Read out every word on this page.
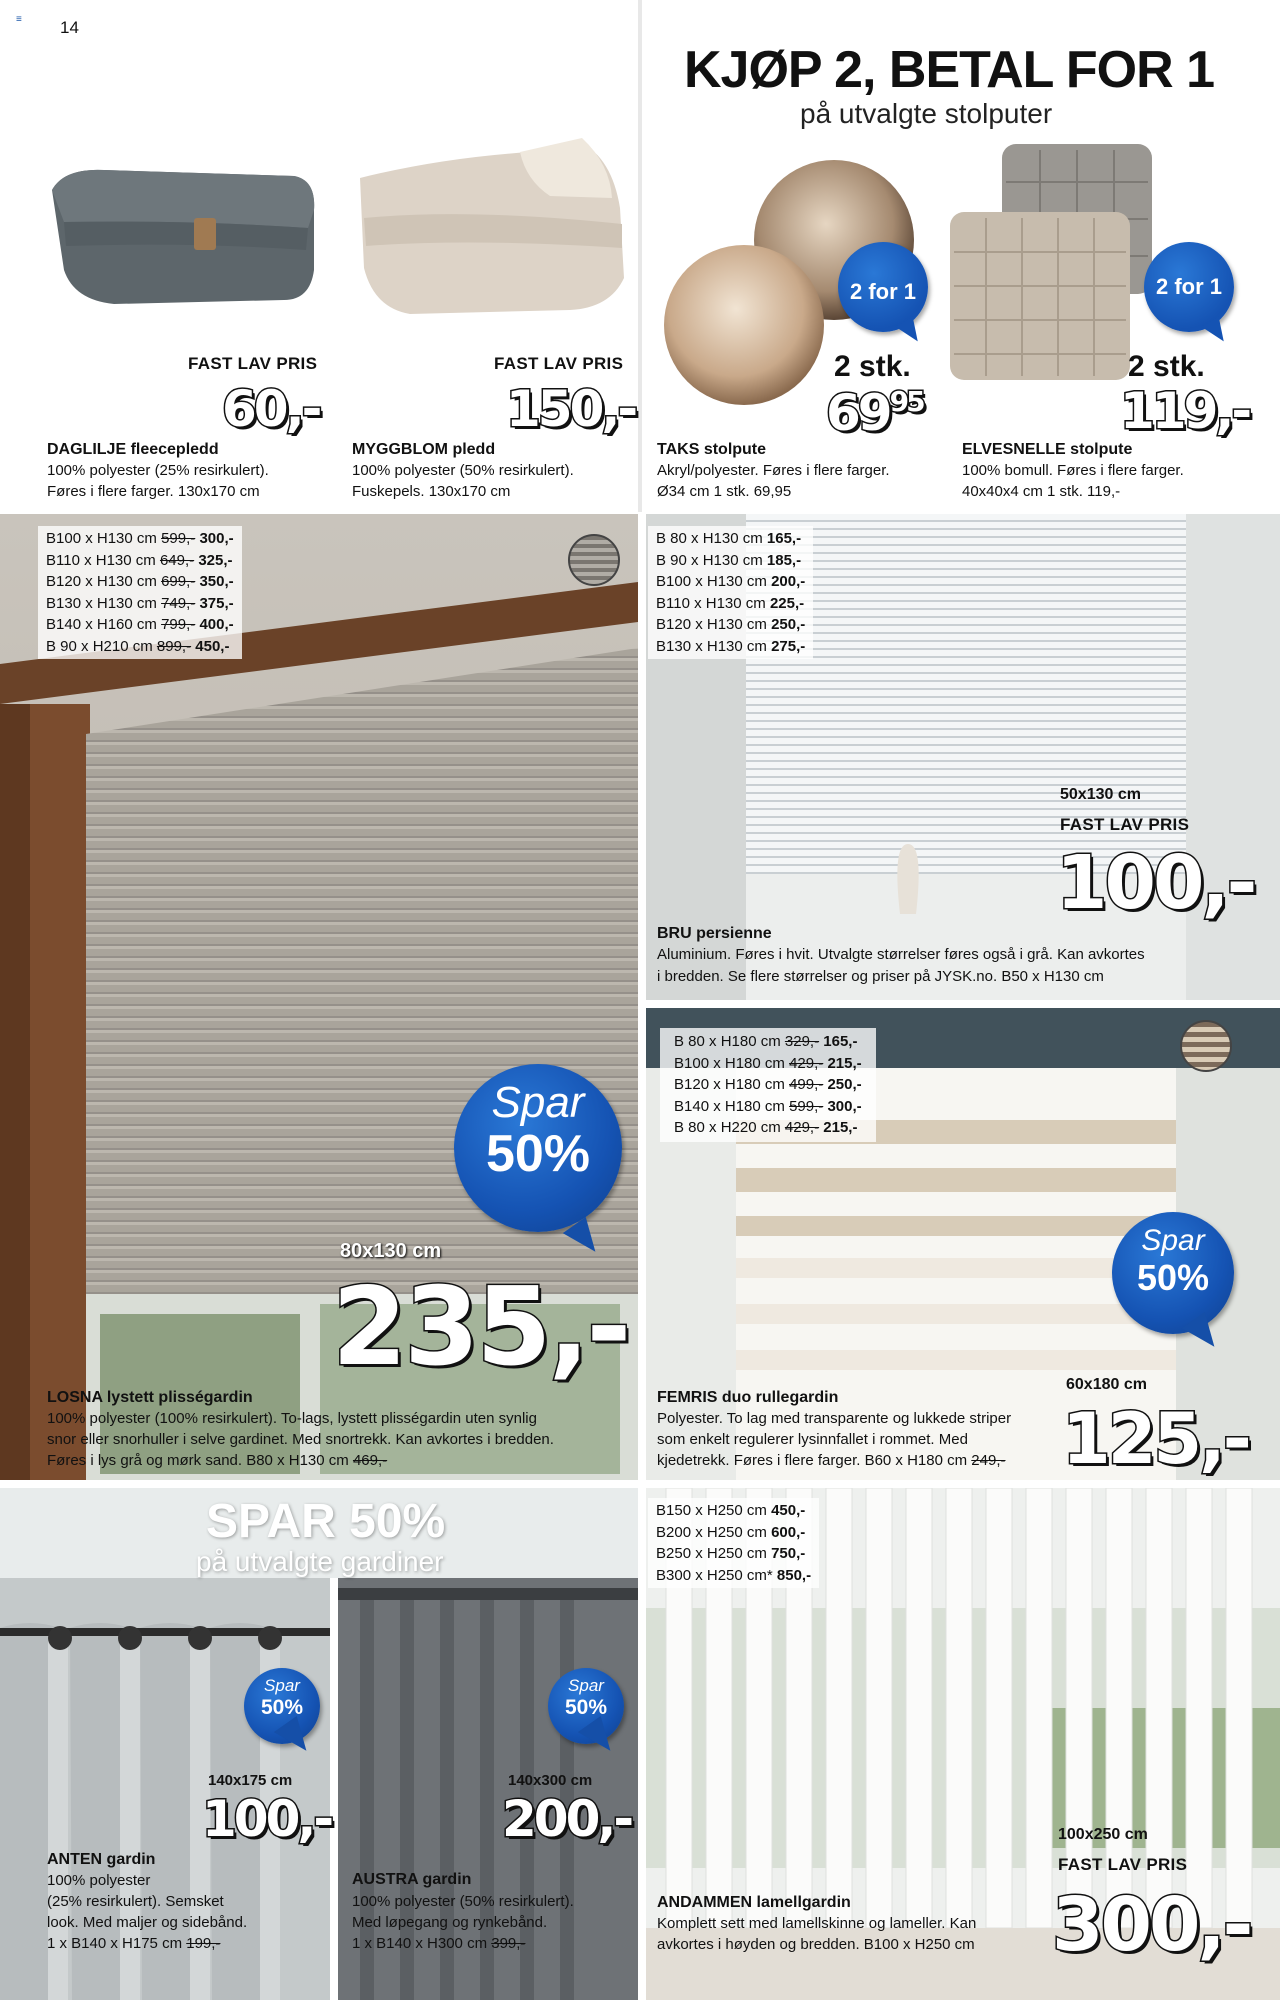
≡ 14
FAST LAV PRIS
60,-
DAGLILJE fleecepledd
100% polyester (25% resirkulert).
Føres i flere farger. 130x170 cm
FAST LAV PRIS
150,-
MYGGBLOM pledd
100% polyester (50% resirkulert).
Fuskepels. 130x170 cm
KJØP 2, BETAL FOR 1
på utvalgte stolputer
2 for 1
2 stk.
$69^{95}$
TAKS stolpute
Akryl/polyester. Føres i flere farger.
Ø34 cm 1 stk. 69,95
2 for 1
2 stk.
119,-
ELVESNELLE stolpute
100% bomull. Føres i flere farger.
40x40x4 cm 1 stk. 119,-
B100 x H130 cm 599,- 300,-
B110 x H130 cm 649,- 325,-
B120 x H130 cm 699,- 350,-
B130 x H130 cm 749,- 375,-
B140 x H160 cm 799,- 400,-
B 90 x H210 cm 899,- 450,-
Spar
50%
80x130 cm
235,-
LOSNA lystett plisségardin
100% polyester (100% resirkulert). To-lags, lystett plisségardin uten synlig
snor eller snorhuller i selve gardinet. Med snortrekk. Kan avkortes i bredden.
Føres i lys grå og mørk sand. B80 x H130 cm 469,-
B 80 x H130 cm 165,-
B 90 x H130 cm 185,-
B100 x H130 cm 200,-
B110 x H130 cm 225,-
B120 x H130 cm 250,-
B130 x H130 cm 275,-
50x130 cm
FAST LAV PRIS
100,-
BRU persienne
Aluminium. Føres i hvit. Utvalgte størrelser føres også i grå. Kan avkortes
i bredden. Se flere størrelser og priser på JYSK.no. B50 x H130 cm
B 80 x H180 cm 329,- 165,-
B100 x H180 cm 429,- 215,-
B120 x H180 cm 499,- 250,-
B140 x H180 cm 599,- 300,-
B 80 x H220 cm 429,- 215,-
Spar
50%
60x180 cm
125,-
FEMRIS duo rullegardin
Polyester. To lag med transparente og lukkede striper
som enkelt regulerer lysinnfallet i rommet. Med
kjedetrekk. Føres i flere farger. B60 x H180 cm 249,-
SPAR 50%
på utvalgte gardiner
Spar
50%
140x175 cm
100,-
ANTEN gardin
100% polyester
(25% resirkulert). Semsket
look. Med maljer og sidebånd.
1 x B140 x H175 cm 199,-
Spar
50%
140x300 cm
200,-
AUSTRA gardin
100% polyester (50% resirkulert).
Med løpegang og rynkebånd.
1 x B140 x H300 cm 399,-
B150 x H250 cm 450,-
B200 x H250 cm 600,-
B250 x H250 cm 750,-
B300 x H250 cm* 850,-
100x250 cm
FAST LAV PRIS
300,-
ANDAMMEN lamellgardin
Komplett sett med lamellskinne og lameller. Kan
avkortes i høyden og bredden. B100 x H250 cm
